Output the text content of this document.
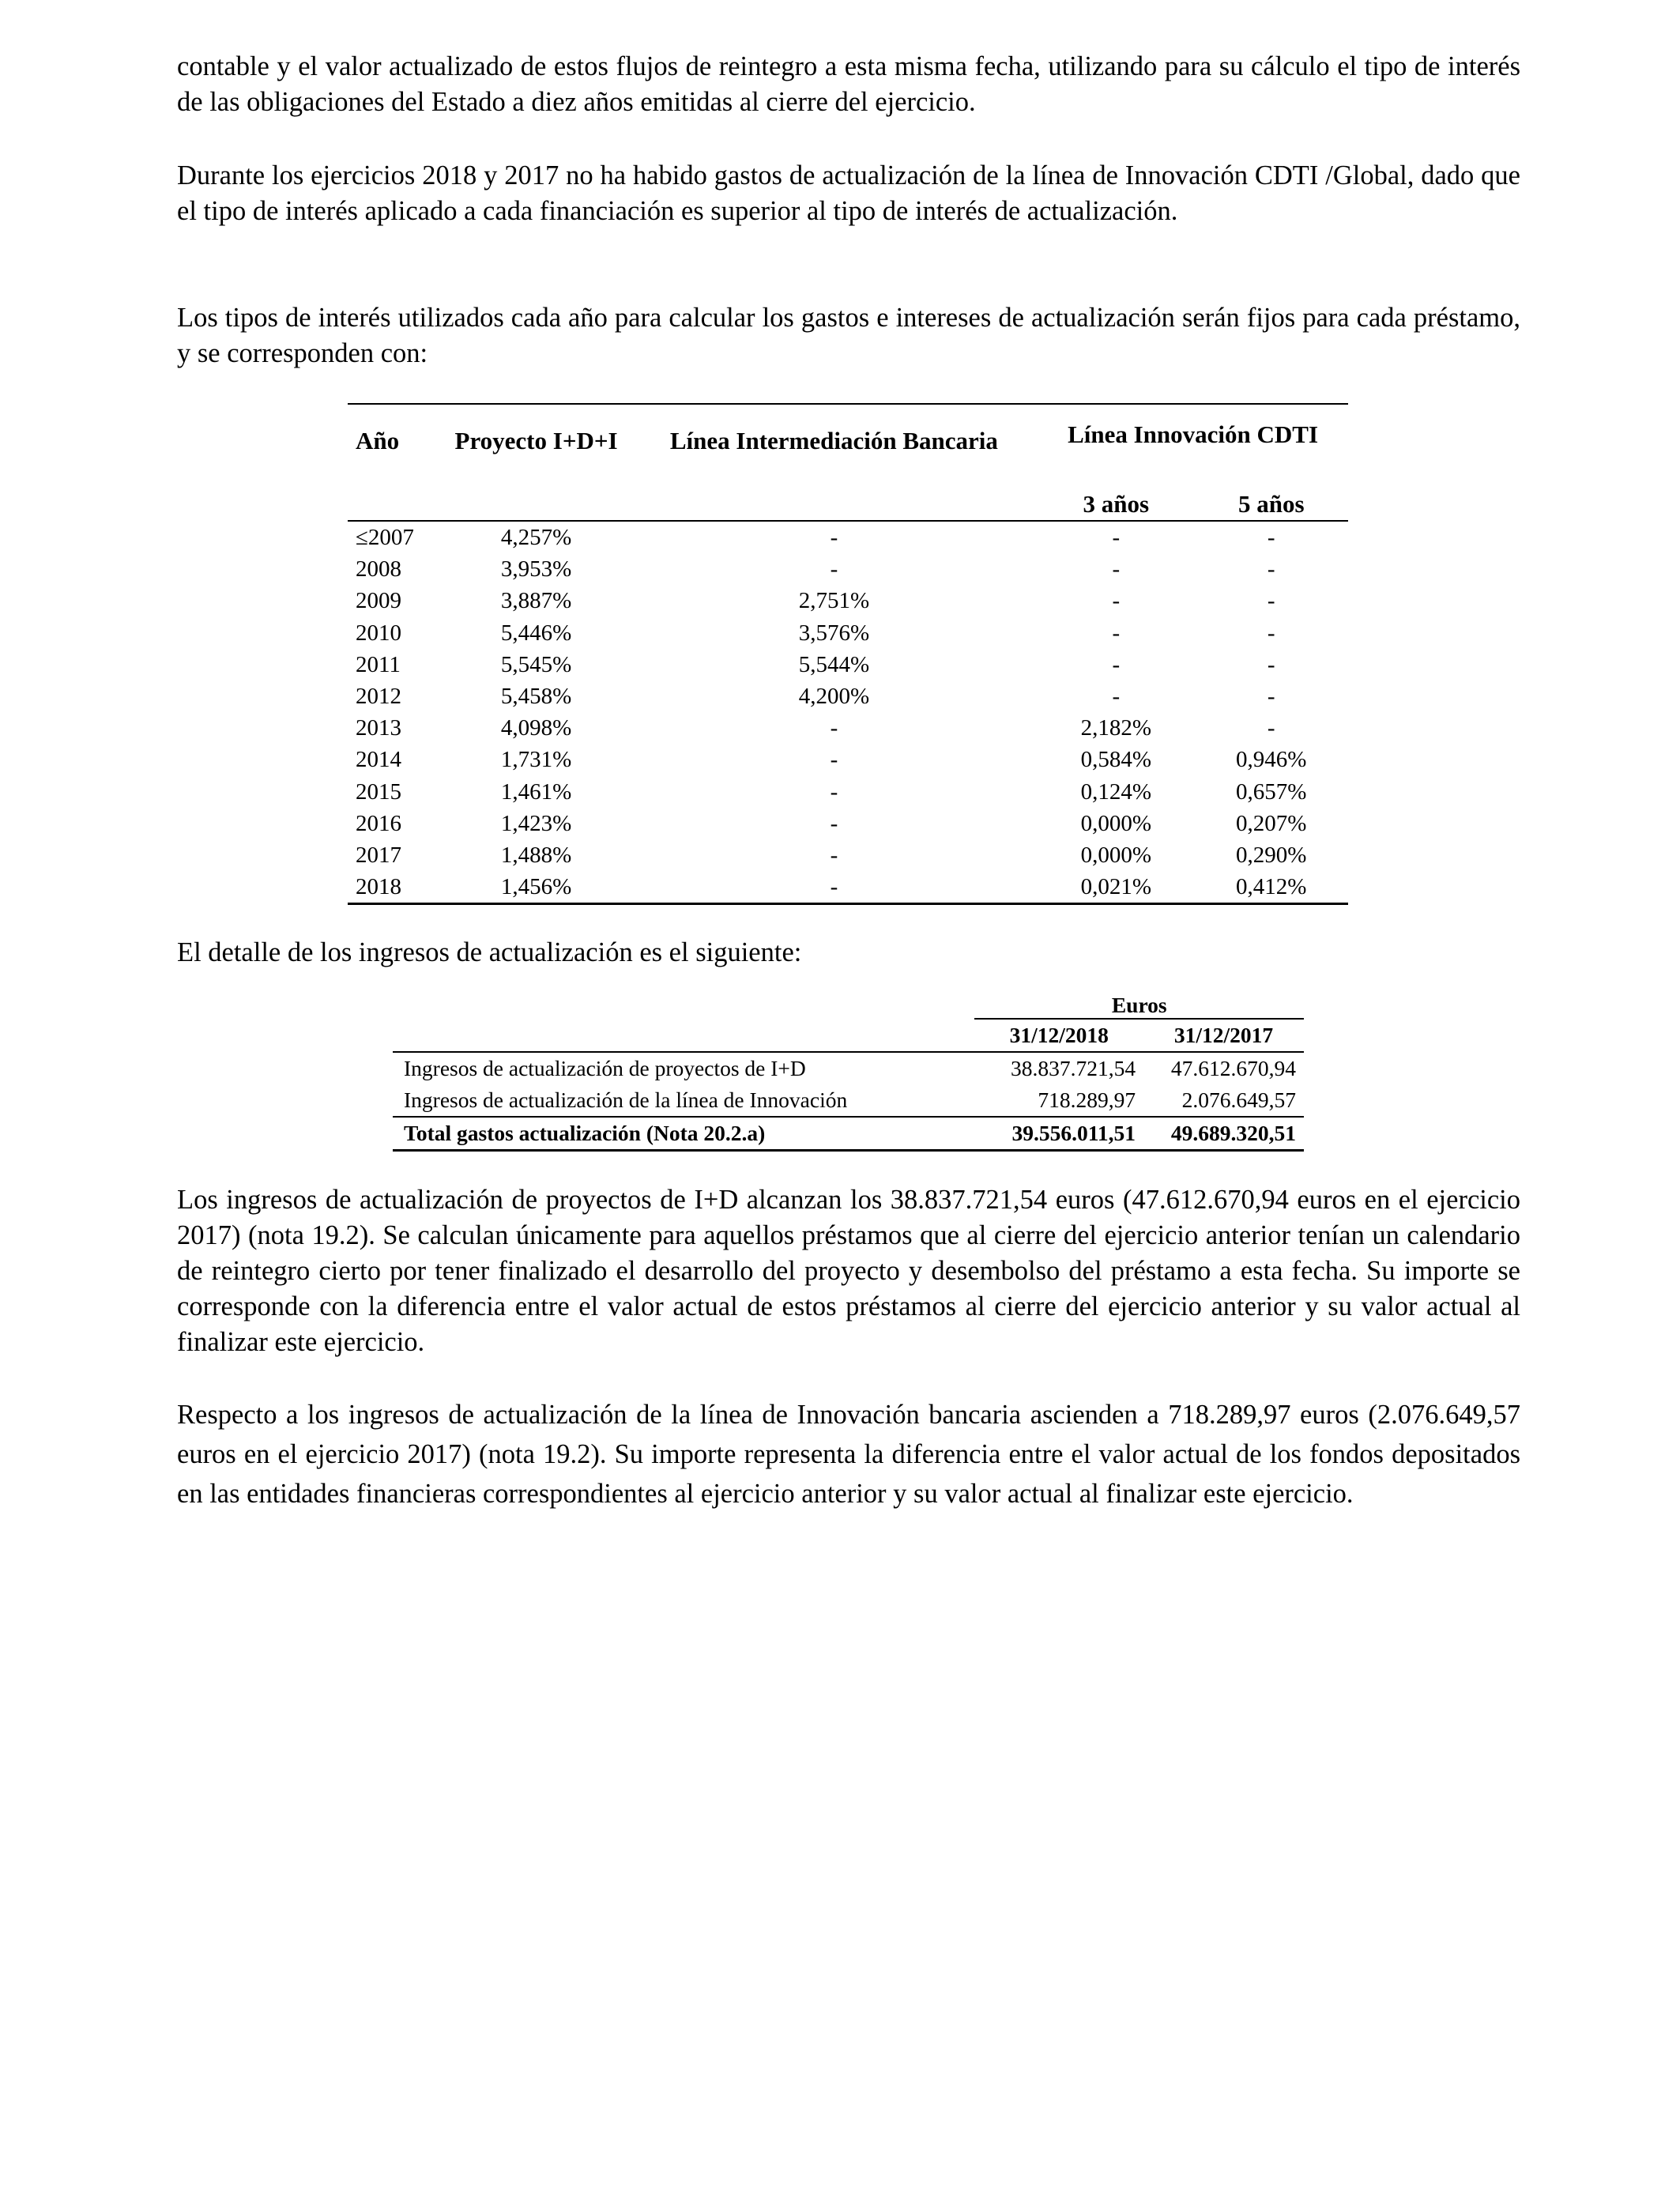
contable y el valor actualizado de estos flujos de reintegro a esta misma fecha, utilizando para su cálculo el tipo de interés de las obligaciones del Estado a diez años emitidas al cierre del ejercicio.

Durante los ejercicios 2018 y 2017 no ha habido gastos de actualización de la línea de Innovación CDTI /Global, dado que el tipo de interés aplicado a cada financiación es superior al tipo de interés de actualización.

Los tipos de interés utilizados cada año para calcular los gastos e intereses de actualización serán fijos para cada préstamo, y se corresponden con:

Año	Proyecto I+D+I	Línea Intermediación Bancaria	Línea Innovación CDTI	
			3 años	5 años
≤2007	4,257%	-	-	-
2008	3,953%	-	-	-
2009	3,887%	2,751%	-	-
2010	5,446%	3,576%	-	-
2011	5,545%	5,544%	-	-
2012	5,458%	4,200%	-	-
2013	4,098%	-	2,182%	-
2014	1,731%	-	0,584%	0,946%
2015	1,461%	-	0,124%	0,657%
2016	1,423%	-	0,000%	0,207%
2017	1,488%	-	0,000%	0,290%
2018	1,456%	-	0,021%	0,412%

El detalle de los ingresos de actualización es el siguiente:

	Euros	
	31/12/2018	31/12/2017
Ingresos de actualización de proyectos de I+D	38.837.721,54	47.612.670,94
Ingresos de actualización de la línea de Innovación	718.289,97	2.076.649,57
Total gastos actualización (Nota 20.2.a)	39.556.011,51	49.689.320,51

Los ingresos de actualización de proyectos de I+D alcanzan los 38.837.721,54 euros (47.612.670,94 euros en el ejercicio 2017) (nota 19.2). Se calculan únicamente para aquellos préstamos que al cierre del ejercicio anterior tenían un calendario de reintegro cierto por tener finalizado el desarrollo del proyecto y desembolso del préstamo a esta fecha. Su importe se corresponde con la diferencia entre el valor actual de estos préstamos al cierre del ejercicio anterior y su valor actual al finalizar este ejercicio.

Respecto a los ingresos de actualización de la línea de Innovación bancaria ascienden a 718.289,97 euros (2.076.649,57 euros en el ejercicio 2017) (nota 19.2). Su importe representa la diferencia entre el valor actual de los fondos depositados en las entidades financieras correspondientes al ejercicio anterior y su valor actual al finalizar este ejercicio.
